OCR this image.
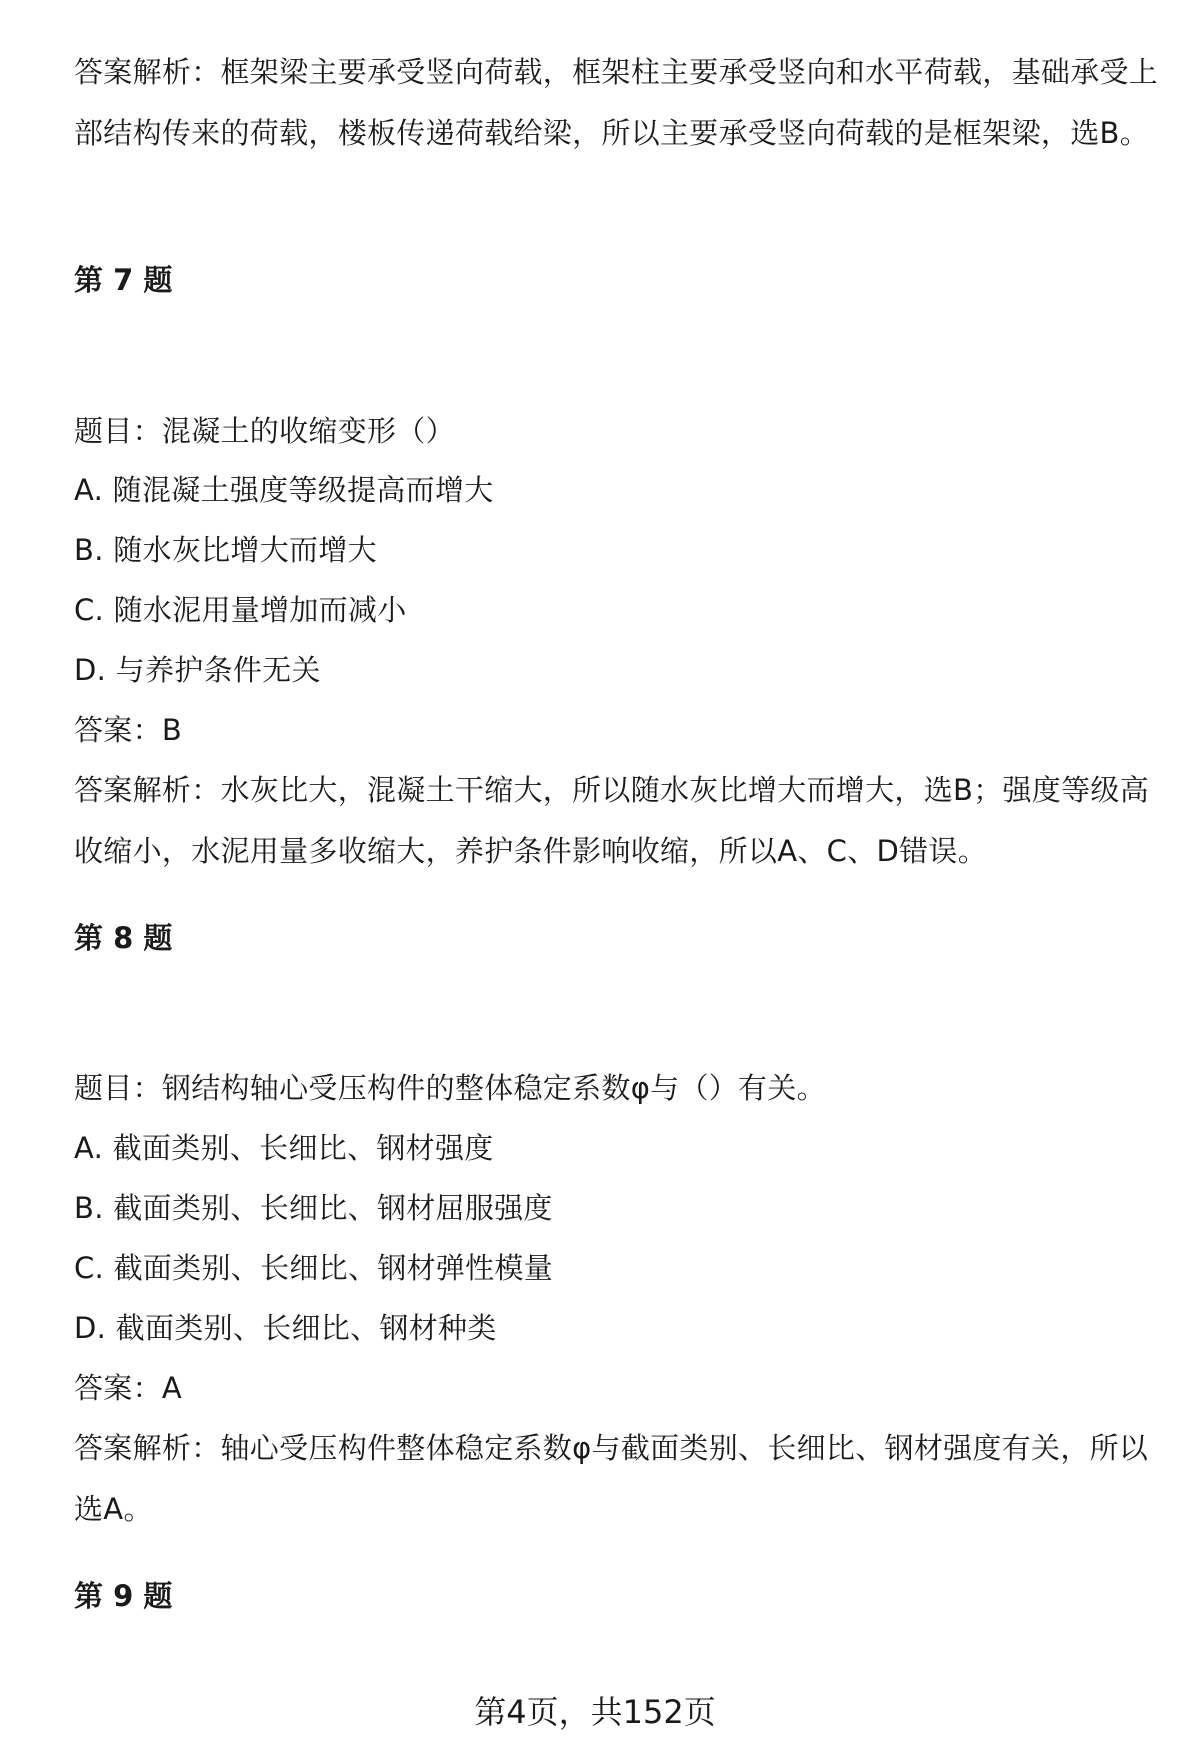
答案解析：框架梁主要承受竖向荷载，框架柱主要承受竖向和水平荷载，基础承受上部结构传来的荷载，楼板传递荷载给梁，所以主要承受竖向荷载的是框架梁，选B。

第 7 题

题目：混凝土的收缩变形（）

A. 随混凝土强度等级提高而增大

B. 随水灰比增大而增大

C. 随水泥用量增加而减小

D. 与养护条件无关

答案：B

答案解析：水灰比大，混凝土干缩大，所以随水灰比增大而增大，选B；强度等级高收缩小，水泥用量多收缩大，养护条件影响收缩，所以A、C、D错误。

第 8 题

题目：钢结构轴心受压构件的整体稳定系数φ与（）有关。

A. 截面类别、长细比、钢材强度

B. 截面类别、长细比、钢材屈服强度

C. 截面类别、长细比、钢材弹性模量

D. 截面类别、长细比、钢材种类

答案：A

答案解析：轴心受压构件整体稳定系数φ与截面类别、长细比、钢材强度有关，所以选A。

第 9 题

第4页，共152页
